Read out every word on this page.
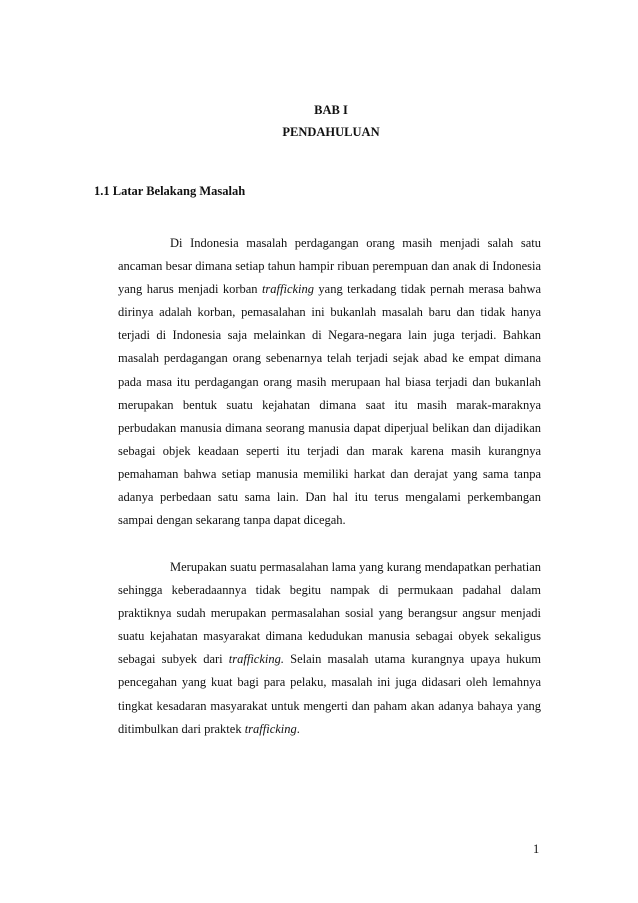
BAB I
PENDAHULUAN
1.1 Latar Belakang Masalah

Di Indonesia masalah perdagangan orang masih menjadi salah satu ancaman besar dimana setiap tahun hampir ribuan perempuan dan anak di Indonesia yang harus menjadi korban trafficking yang terkadang tidak pernah merasa bahwa dirinya adalah korban, pemasalahan ini bukanlah masalah baru dan tidak hanya terjadi di Indonesia saja melainkan di Negara-negara lain juga terjadi. Bahkan masalah perdagangan orang sebenarnya telah terjadi sejak abad ke empat dimana pada masa itu perdagangan orang masih merupaan hal biasa terjadi dan bukanlah merupakan bentuk suatu kejahatan dimana saat itu masih marak-maraknya perbudakan manusia dimana seorang manusia dapat diperjual belikan dan dijadikan sebagai objek keadaan seperti itu terjadi dan marak karena masih kurangnya pemahaman bahwa setiap manusia memiliki harkat dan derajat yang sama tanpa adanya perbedaan satu sama lain. Dan hal itu terus mengalami perkembangan sampai dengan sekarang tanpa dapat dicegah.

Merupakan suatu permasalahan lama yang kurang mendapatkan perhatian sehingga keberadaannya tidak begitu nampak di permukaan padahal dalam praktiknya sudah merupakan permasalahan sosial yang berangsur angsur menjadi suatu kejahatan masyarakat dimana kedudukan manusia sebagai obyek sekaligus sebagai subyek dari trafficking. Selain masalah utama kurangnya upaya hukum pencegahan yang kuat bagi para pelaku, masalah ini juga didasari oleh lemahnya tingkat kesadaran masyarakat untuk mengerti dan paham akan adanya bahaya yang ditimbulkan dari praktek trafficking.

1
